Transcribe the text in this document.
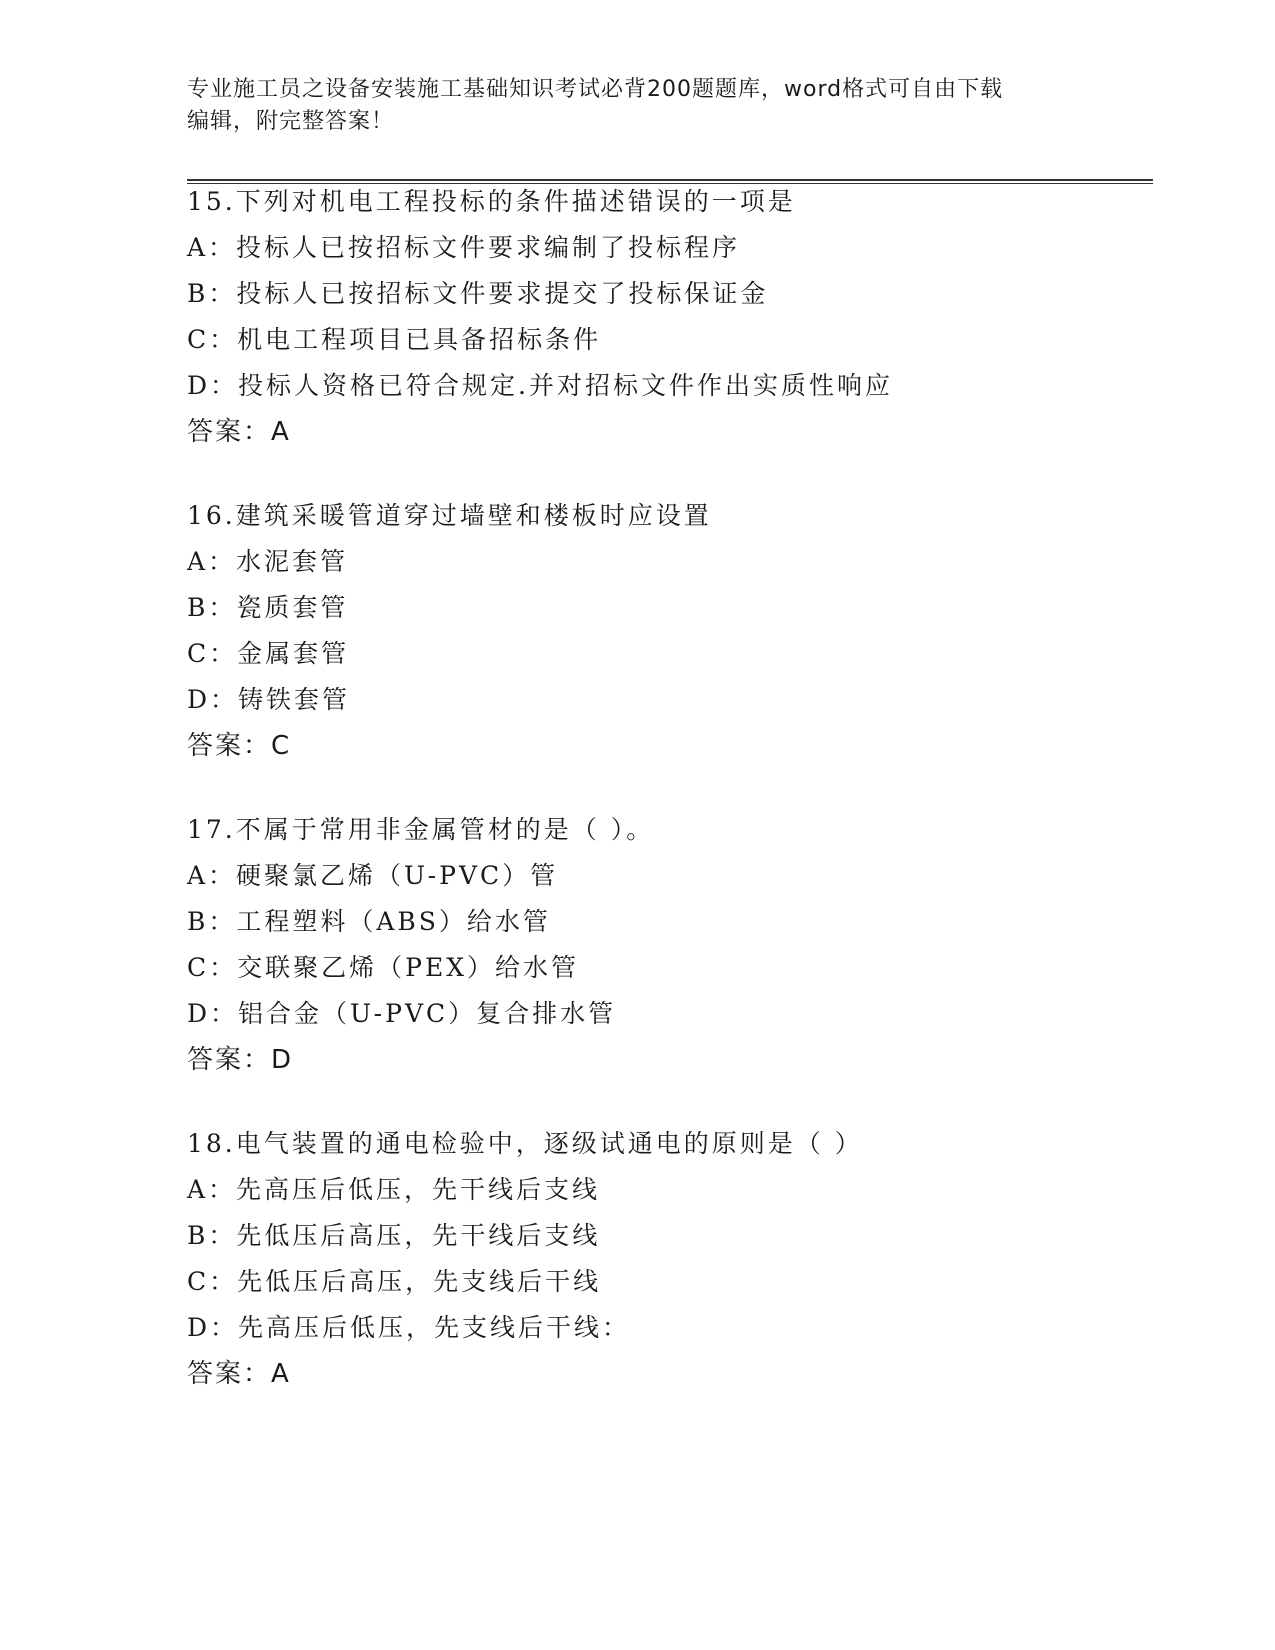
专业施工员之设备安装施工基础知识考试必背200题题库，word格式可自由下载
编辑，附完整答案！
15.下列对机电工程投标的条件描述错误的一项是
A：投标人已按招标文件要求编制了投标程序
B：投标人已按招标文件要求提交了投标保证金
C：机电工程项目已具备招标条件
D：投标人资格已符合规定.并对招标文件作出实质性响应
答案：A
16.建筑采暖管道穿过墙壁和楼板时应设置
A：水泥套管
B：瓷质套管
C：金属套管
D：铸铁套管
答案：C
17.不属于常用非金属管材的是（ ）。
A：硬聚氯乙烯（U-PVC）管
B：工程塑料（ABS）给水管
C：交联聚乙烯（PEX）给水管
D：铝合金（U-PVC）复合排水管
答案：D
18.电气装置的通电检验中，逐级试通电的原则是（ ）
A：先高压后低压，先干线后支线
B：先低压后高压，先干线后支线
C：先低压后高压，先支线后干线
D：先高压后低压，先支线后干线：
答案：A
